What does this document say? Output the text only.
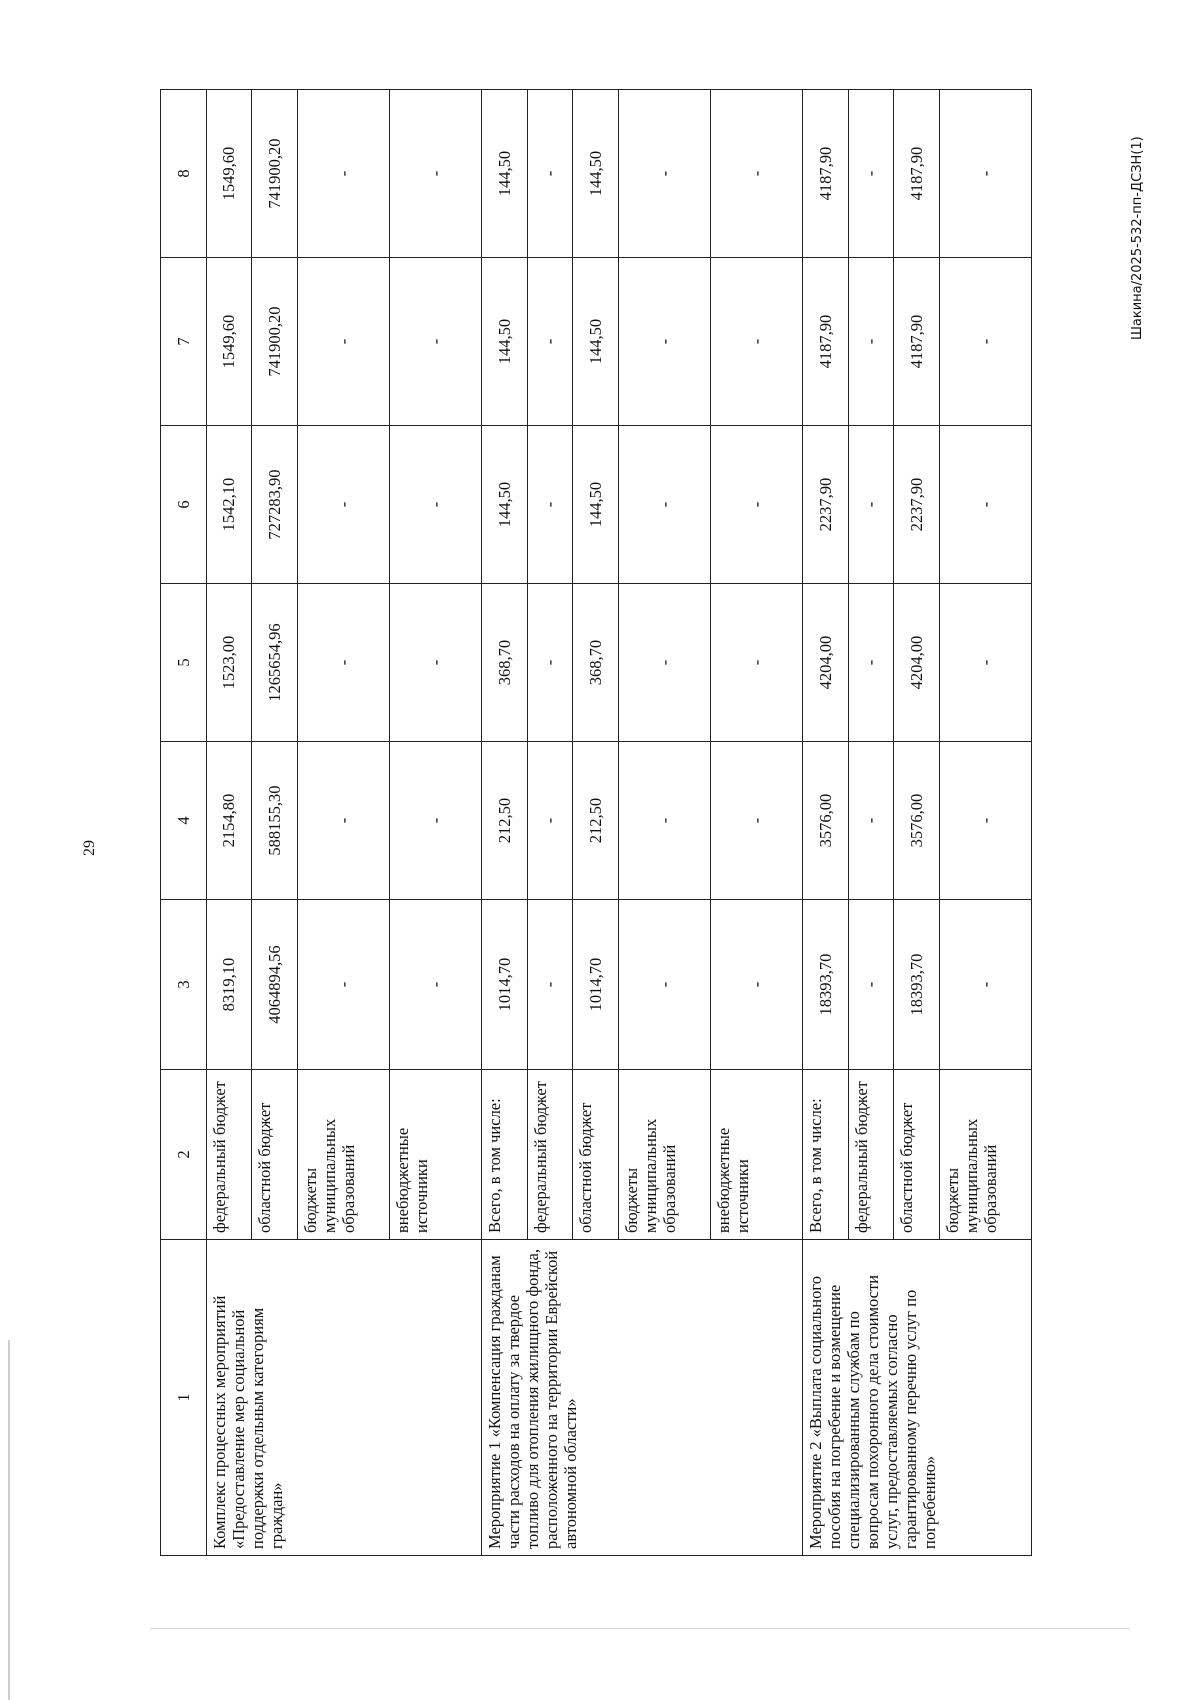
29
Шакина/2025-532-пп-ДСЗН(1)
1	2	3	4	5	6	7	8
Комплекс процессных мероприятий «Предоставление мер социальной поддержки отдельным категориям граждан»	федеральный бюджет	8319,10	2154,80	1523,00	1542,10	1549,60	1549,60
	областной бюджет	4064894,56	588155,30	1265654,96	727283,90	741900,20	741900,20
	бюджеты муниципальных образований	-	-	-	-	-	-
	внебюджетные источники	-	-	-	-	-	-
Мероприятие 1 «Компенсация гражданам части расходов на оплату за твердое топливо для отопления жилищного фонда, расположенного на территории Еврейской автономной области»	Всего, в том числе:	1014,70	212,50	368,70	144,50	144,50	144,50
	федеральный бюджет	-	-	-	-	-	-
	областной бюджет	1014,70	212,50	368,70	144,50	144,50	144,50
	бюджеты муниципальных образований	-	-	-	-	-	-
	внебюджетные источники	-	-	-	-	-	-
Мероприятие 2 «Выплата социального пособия на погребение и возмещение специализированным службам по вопросам похоронного дела стоимости услуг, предоставляемых согласно гарантированному перечню услуг по погребению»	Всего, в том числе:	18393,70	3576,00	4204,00	2237,90	4187,90	4187,90
	федеральный бюджет	-	-	-	-	-	-
	областной бюджет	18393,70	3576,00	4204,00	2237,90	4187,90	4187,90
	бюджеты муниципальных образований	-	-	-	-	-	-
